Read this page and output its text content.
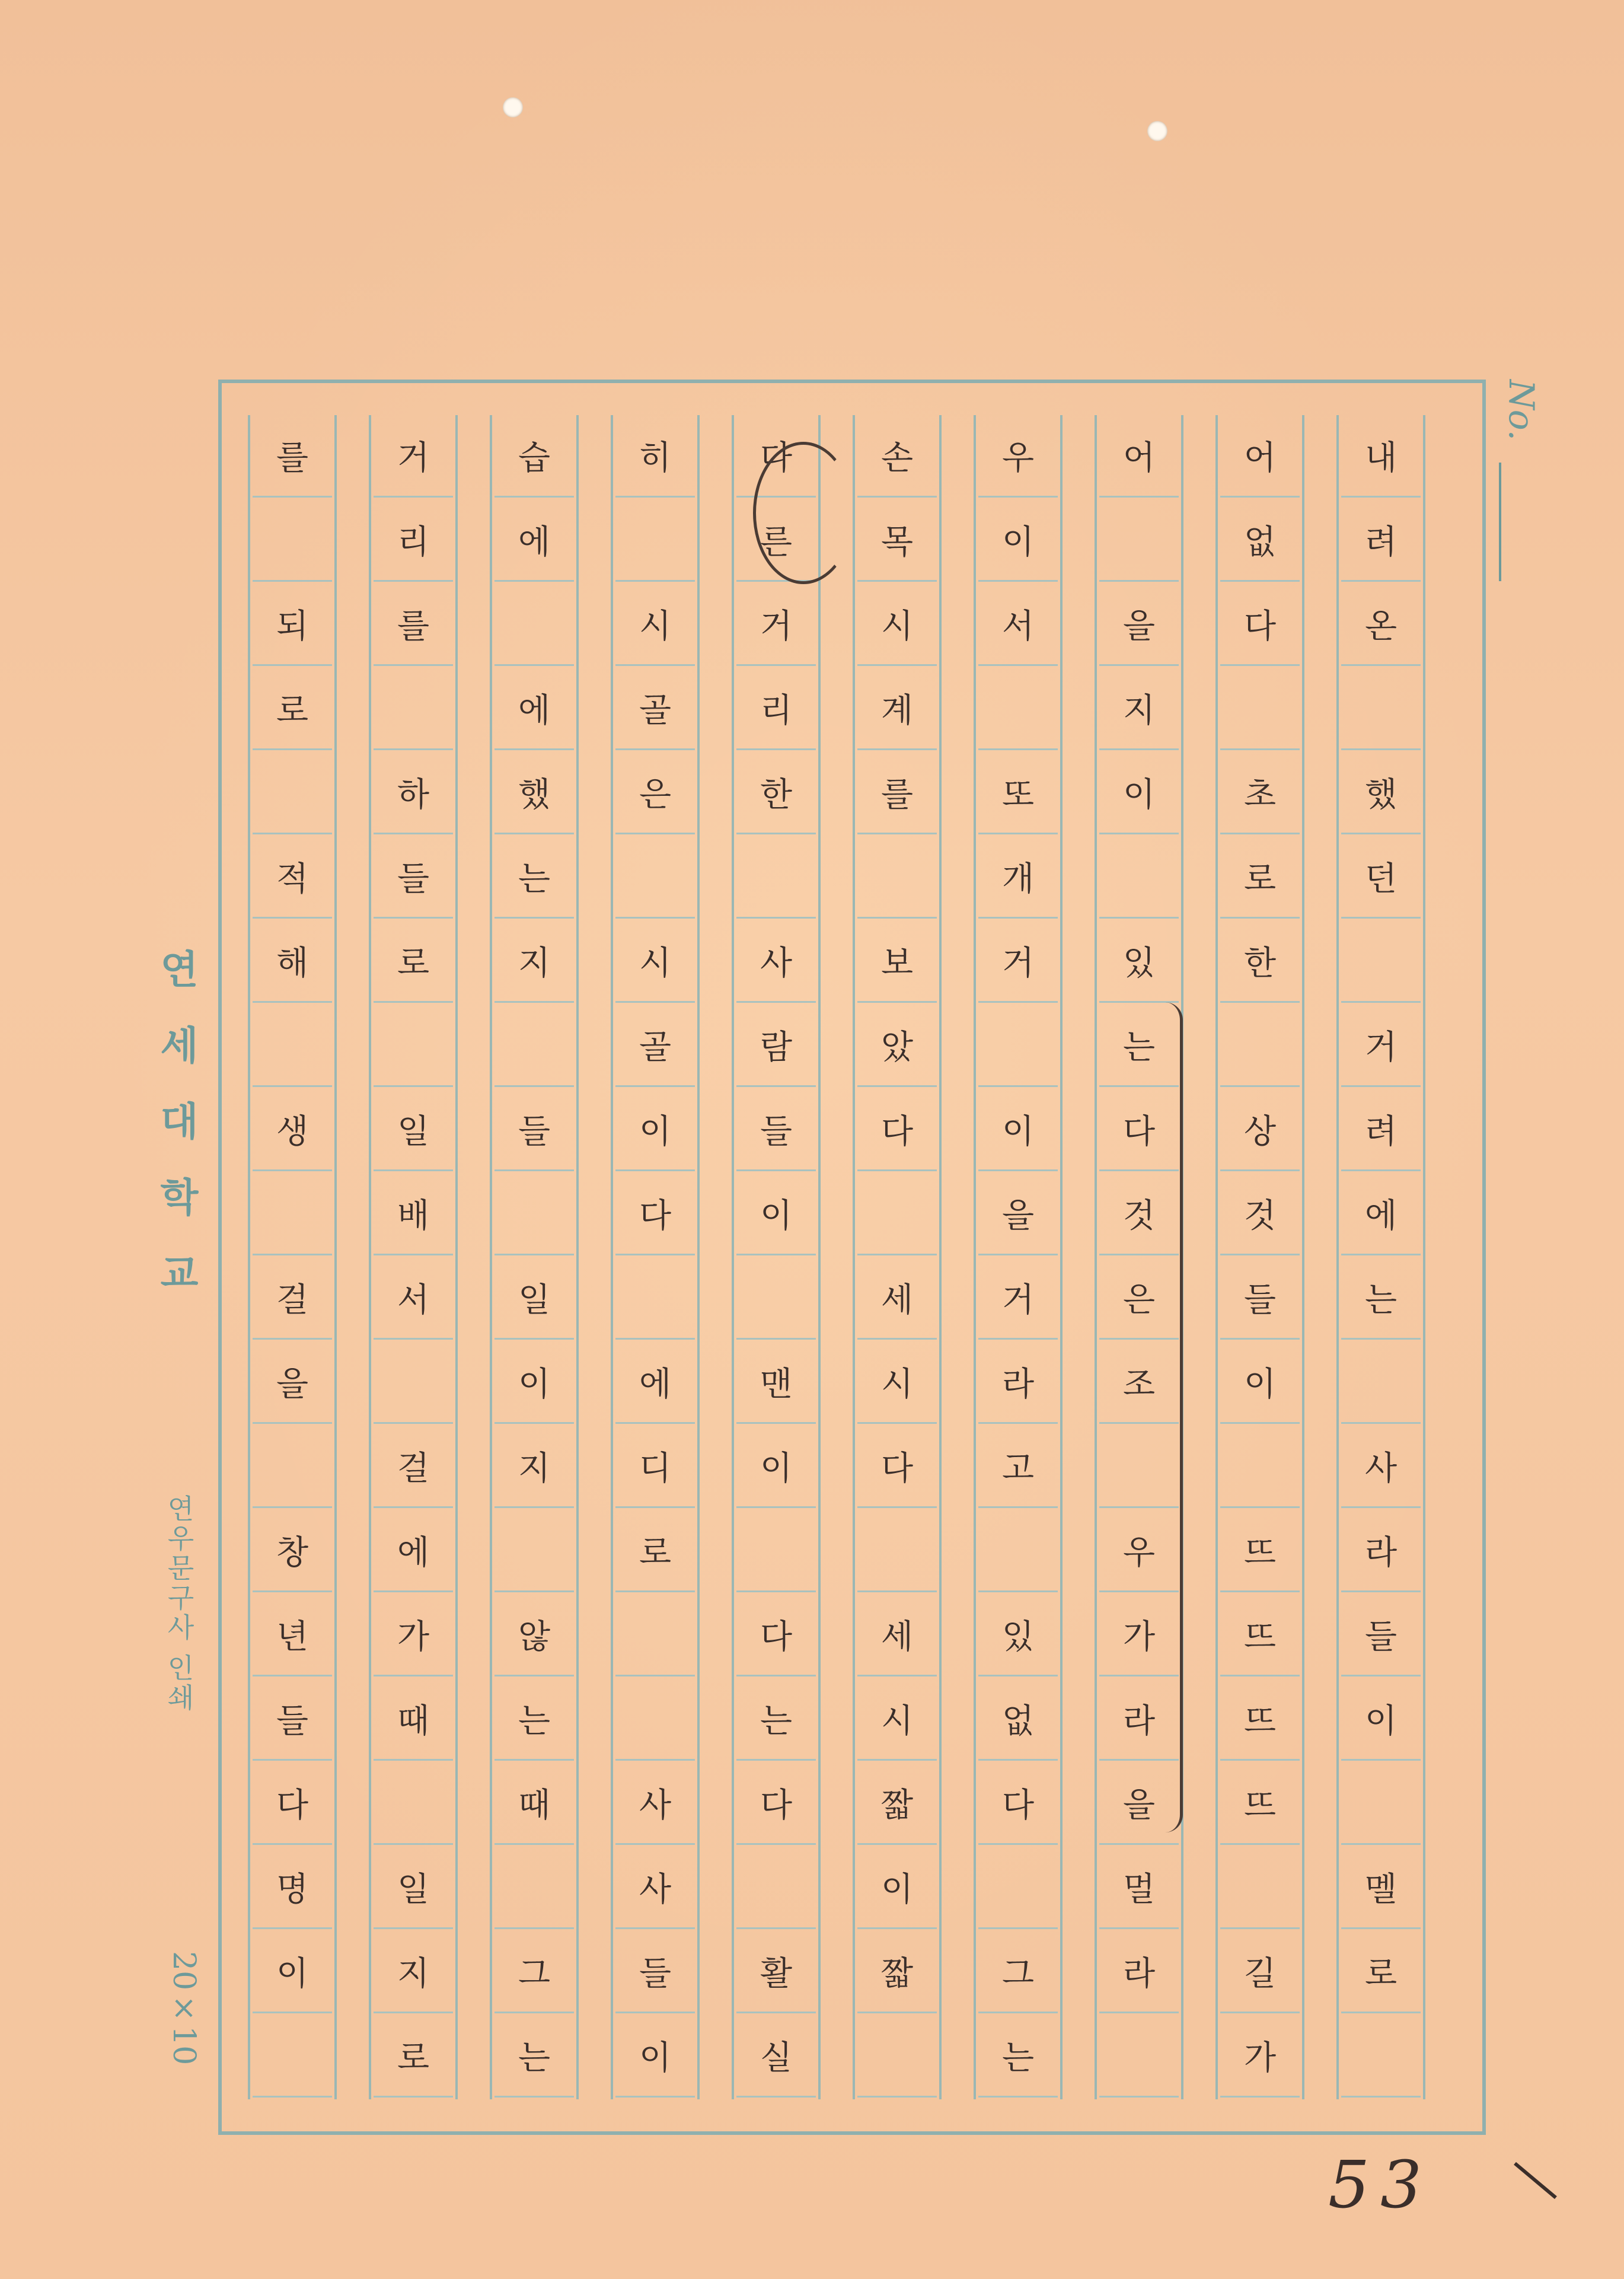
내
려
온
했
던
거
려
에
는
사
라
들
이
멜
로
어
없
다
초
로
한
상
것
들
이
뜨
뜨
뜨
뜨
길
가
어
을
지
이
있
는
다
것
은
조
우
가
라
을
멀
라
우
이
서
또
개
거
이
을
거
라
고
있
없
다
그
는
손
목
시
계
를
보
았
다
세
시
다
세
시
짧
이
짧
다
른
거
리
한
사
람
들
이
맨
이
다
는
다
활
실
히
시
골
은
시
골
이
다
에
디
로
사
사
들
이
습
에
에
했
는
지
들
일
이
지
않
는
때
그
는
거
리
를
하
들
로
일
배
서
걸
에
가
때
일
지
로
를
되
로
적
해
생
걸
을
창
년
들
다
명
이
연세대학교
연우문구사 인쇄
20×10
No.
53
